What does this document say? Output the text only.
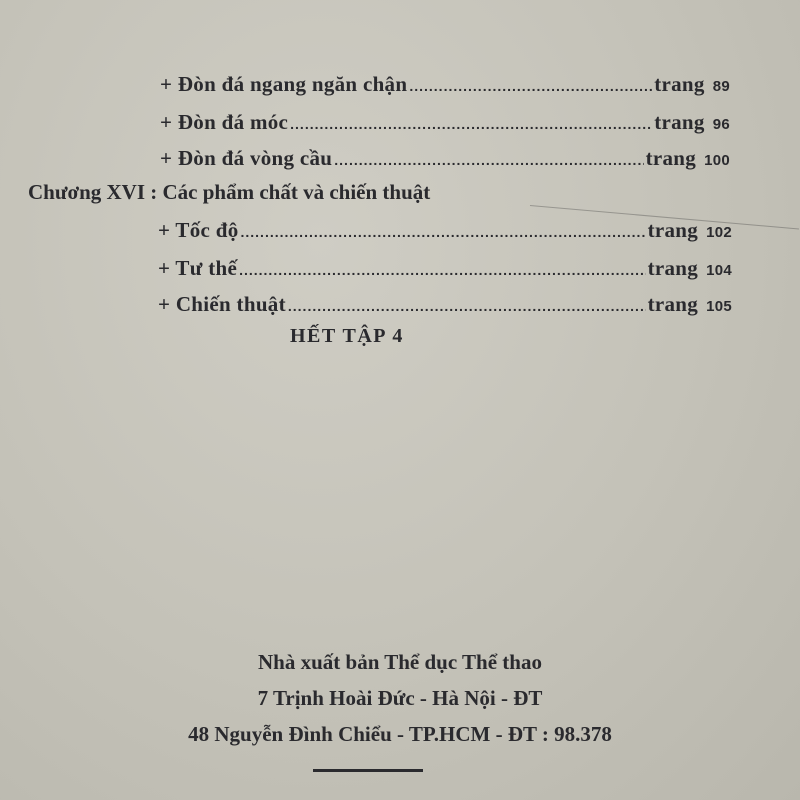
+ Đòn đá ngang ngăn chận .....	trang 89
+ Đòn đá móc .....	trang 96
+ Đòn đá vòng cầu .....	trang 100
Chương XVI : Các phẩm chất và chiến thuật
+ Tốc độ .....	trang 102
+ Tư thế .....	trang 104
+ Chiến thuật .....	trang 105
HẾT TẬP 4
Nhà xuất bản Thể dục Thể thao
7 Trịnh Hoài Đức - Hà Nội - ĐT
48 Nguyễn Đình Chiểu - TP.HCM - ĐT : 98.378
